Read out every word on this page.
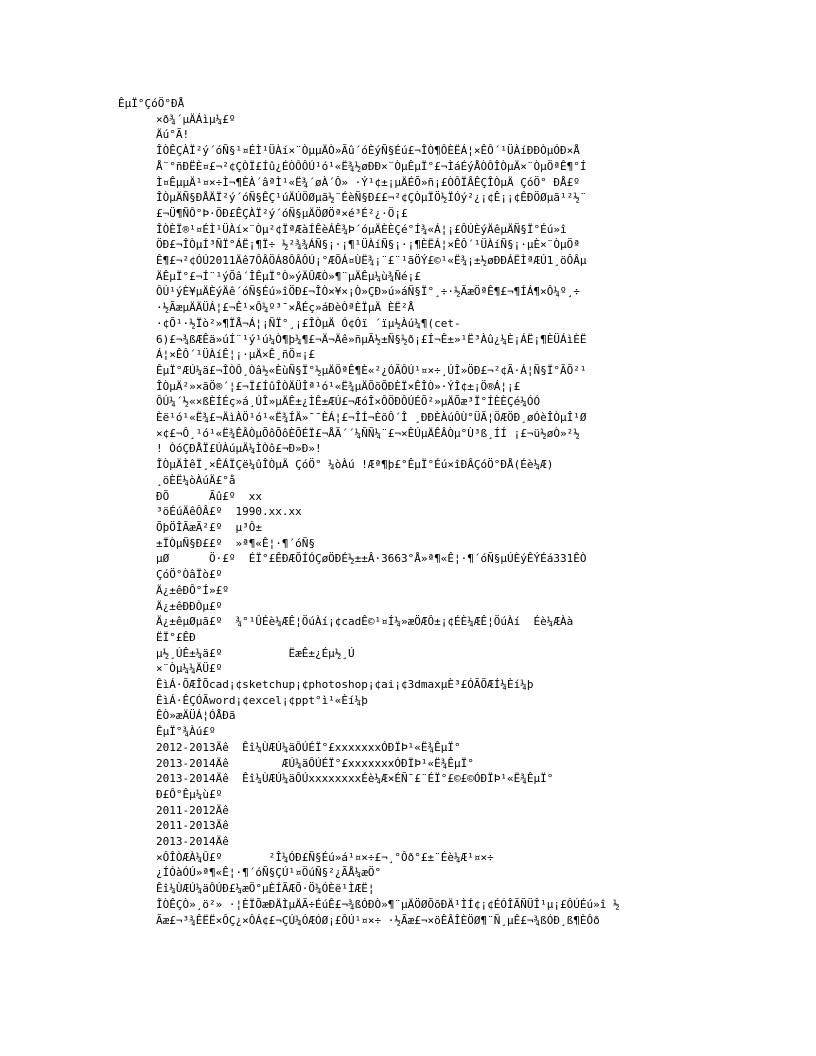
ÊµÏ°ÇóÖ°ÐÅ

×ð¾´µÄÁìµ¼£º

Äú°Ã!

ÎÒÊÇÀÏ²ý´óÑ§¹¤ÉÌ¹ÜÀí×¨ÒµµÄÒ»Ãû´óÈýÑ§Éú£¬ÎÒ¶ÔÈËÁ¦×ÊÔ´¹ÜÀíÐÐÒµÓÐ×Å

Å¨°ñÐËÈ¤£¬²¢ÇÒÏ£Íû¿ÉÒÔÔÚ¹ó¹«Ë¾½øÐÐ×¨ÒµÊµÏ°£¬ÌáÉýÅÒÔÎÒµÄ×¨ÒµÖªÊ¶°Í

Ì¤ÊµµÄ¹¤×÷Ì¬¶ÈÀ´âªÌ¹«Ë¾´øÀ´Ô» ·Ý¹¢±¡µÄÉÕ»ñ¡£ÒÔÏÂÊÇÎÒµÄ ÇóÖ° ÐÅ£º

ÎÒµÄÑ§ÐÅÄÏ²ý´óÑ§ÊÇ¹úÄÚÖØµã½¨ÉèÑ§Ð££¬²¢ÇÒµÏÖ½ÏÓý²¿¡¢Ê¡¡¢ÊÐÖØµã¹²½¨

£¬Ü¶ÑÔ°Þ·ÖÐ£ÊÇÀÏ²ý´óÑ§µÄÖØÖª×é³É²¿·Ö¡£

ÎÒÈÏ®¹¤ÉÌ¹ÜÀí×¨Òµ²¢ÏªÆàÍÊèÁÊ¾Þ´óµÄÈÈÇé°Í¾«Á¦¡£ÔÚÈýÄêµÄÑ§Ï°Éú»î

ÖÐ£¬ÎÒµÍ³ÑÏ°ÁË¡¶Ï÷ ½²¾¾ÁÑ§¡·¡¶¹ÜÀíÑ§¡·¡¶ÈËÁ¦×ÊÔ´¹ÜÀíÑ§¡·µÈ×¨ÒµÖª

Ê¶£¬²¢ÓÚ2011Äê7ÔÂÖÁ8ÔÂÔÚ¡°ÆÕÁ¤ÙË¾¡¨£¨¹ãÖÝ£©¹«Ë¾¡±½øÐÐÁËÌªÆÚ1¸öÔÂµ

ÄÊµÏ°£¬Í¨¹ýÕâ´ÎÊµÏ°Ò»ýÄÛÆÒ»¶¨µÄÊµ¼ù¾Ñé¡£

ÔÚ¹ýÈ¥µÄÈýÄê´óÑ§Éú»îÖÐ£¬ÎÒ×¥×¡Ò»ÇÐ»ú»áÑ§Ï°¸÷·½ÃæÖªÊ¶£¬¶ÍÁ¶×Ô¼º¸÷

·½ÃæµÄÄÜÁ¦£¬Ê¹×Ô¼º³¯×ÅÉç»áÐèÒªÈÏµÄ ÈË²Å

·¢Õ¹·½Ïò²»¶ÏÅ¬Á¦¡ÑÏ°¸¡£ÎÒµÄ Ó¢Óï ´ïµ½Àú¼¶(cet-

6)£¬¾ßÆÊä»úÍ¨¹ý¹ú¼Ò¶þ¼¶£¬Ä¬Äê»ñµÃ½±Ñ§½ð¡£Í¬Ê±»¹Ë³Àû¿¼È¡ÁË¡¶ÈÜÁìÈË

Á¦×ÊÔ´¹ÜÀíÊ¦¡·µÄ×Ê¸ñÖ¤¡£

ÊµÏ°ÆÚ¼ä£¬ÎÒÔ¸Òâ½«ÈùÑ§Ï°½µÄÖªÊ¶È«²¿ÓÃÔÚ¹¤×÷¸ÚÎ»ÖÐ£¬²¢Ã·Á¦Ñ§Ï°ÃÕ²¹

ÎÒµÄ²»×ãÖ®´¦£¬Ï£ÍûÎÒÄÜÎª¹ó¹«Ë¾µÄÕõÕÐÈÏ×ÊÎÒ»·ÝÎ¢±¡Ö®Á¦¡£

ÔÚ¼´½«×ßÈÍÉç»á¸ÚÎ»µÄÊ±¿ÌÊ±ÆÚ£¬ÆóÎ×ÔÖÐÔÚÉÕ²»µÄÕæ³Ï°ÍÈÈÇé¼ÓÓ

Èë¹ó¹«Ë¾£¬ÄìÀÖ¹ó¹«Ë¾ÍÄ»¯¯ÈÁ¦£¬ÎÍ¬ÈõÔ´Î ¸ÐÐÈÀúÔÙ°ÜÃ¦ÖÆÖÐ¸øÓèÎÒµÎ¹Ø

×¢£¬Ô¸¹ó¹«Ë¾ÊÂÒµÕôÕôÈÕÉÏ£¬ÅÃ´´¼ÑÑ¼¨£¬×ÊÚµÄÊÂÒµ°Ù³ß¸ÍÍ ¡£¬ü½øÒ»²½

! ÒóÇÐÅÏ£ÚÀúµÄ¼ÌÒô£¬Ð»Ð»!

ÎÒµÄÌêÏ¸×ÊÁÏÇë¼ûÎÒµÄ ÇóÖ° ¼òÀú !Æª¶þ£°ÊµÏ°Éú×îÐÂÇóÖ°ÐÅ(Éè¼Æ)

¸öÈË¼òÀúÄ£°å

ÐÕ      Ãû£º  xx

³öÉúÄêÔÂ£º  1990.xx.xx

ÕþÖÎÃæÃ²£º  µ³Ô±

±ÏÒµÑ§Ð££º  »ª¶«Ê¦·¶´óÑ§

µØ      Ö·£º  ÉÏ°£ÊÐÆÕÍÓÇøÖÐÉ½±±Â·3663°Å»ª¶«Ê¦·¶´óÑ§µÚÈýÊÝÉá331ÊÒ

ÇóÖ°ÒâÏò£º

Ä¿±êÐÔ°Í»£º

Ä¿±êÐÐÒµ£º

Ä¿±êµØµã£º  ¾°¹ÛÉè¼ÆÊ¦ÖúÀí¡¢cadÊ©¹¤Í¼»æÖÆÔ±¡¢ÉÈ¼ÆÊ¦ÖúÀí  Éè¼ÆÀà

ËÏ°£ÊÐ

µ½¸ÚÊ±¼ä£º          ËæÊ±¿Éµ½¸Ú

×¨Òµ¼¼ÄÜ£º

ÊìÁ·ÕÆÎÕcad¡¢sketchup¡¢photoshop¡¢ai¡¢3dmaxµÈ³£ÓÃÕÆÍ¼Èí¼þ

ÊìÁ·ÊÇÓÃword¡¢excel¡¢ppt°ì¹«Èí¼þ

ÊÒ»æÄÜÁ¦ÓÅÐã

ÊµÏ°¾Àú£º

2012-2013Äê  Êî¼ÙÆÚ¼äÔÚÉÏ°£xxxxxxxÓÐÏÞ¹«Ë¾ÊµÏ°

2013-2014Äê        ÆÚ¼äÔÚÉÏ°£xxxxxxxÓÐÏÞ¹«Ë¾ÊµÏ°

2013-2014Äê  Êî¼ÙÆÚ¼äÔÚxxxxxxxxÉè¼Æ×ÉÑ¯£¨ÉÏ°£©£©ÓÐÏÞ¹«Ë¾ÊµÏ°

Ð£Ô°Êµ¼ù£º

2011-2012Äê

2011-2013Äê

2013-2014Äê

×ÔÎÒÆÀ¼Û£º       ²Î¼ÓÐ£Ñ§Éú»á¹¤×÷£¬¸°Ôð°£±¨Éè¼Æ¹¤×÷

¿ÍÓàÓÚ»ª¶«Ê¦·¶´óÑ§ÇÚ¹¤ÖúÑ§²¿ÃÅ¼æÖ°

Êî¼ÙÆÚ¼äÔÚÐ£¼æÖ°µÈÍÃÆÕ·Ö¼ÓÈë¹ÌÆË¦

ÎÒÊÇÒ»¸ö²» ·¦ÈÏÕæÐÄÌµÄÃ÷ÉúÊ£¬¾ßÓÐÒ»¶¨µÄÖØÕõÐÄ¹ÌÍ¢¡¢ÉÓÎÃÑÜÎ¹µ¡£ÔÚÉú»î ½

Ãæ£¬³¾ÊËË×ÔÇ¿×ÔÁ¢£¬ÇÚ¼ÓÆÓØ¡£ÔÚ¹¤×÷ ·½Ãæ£¬×öÊÂÎÈÖØ¶¨Ñ¸µÊ£¬¾ßÓÐ¸ß¶ÈÔð
